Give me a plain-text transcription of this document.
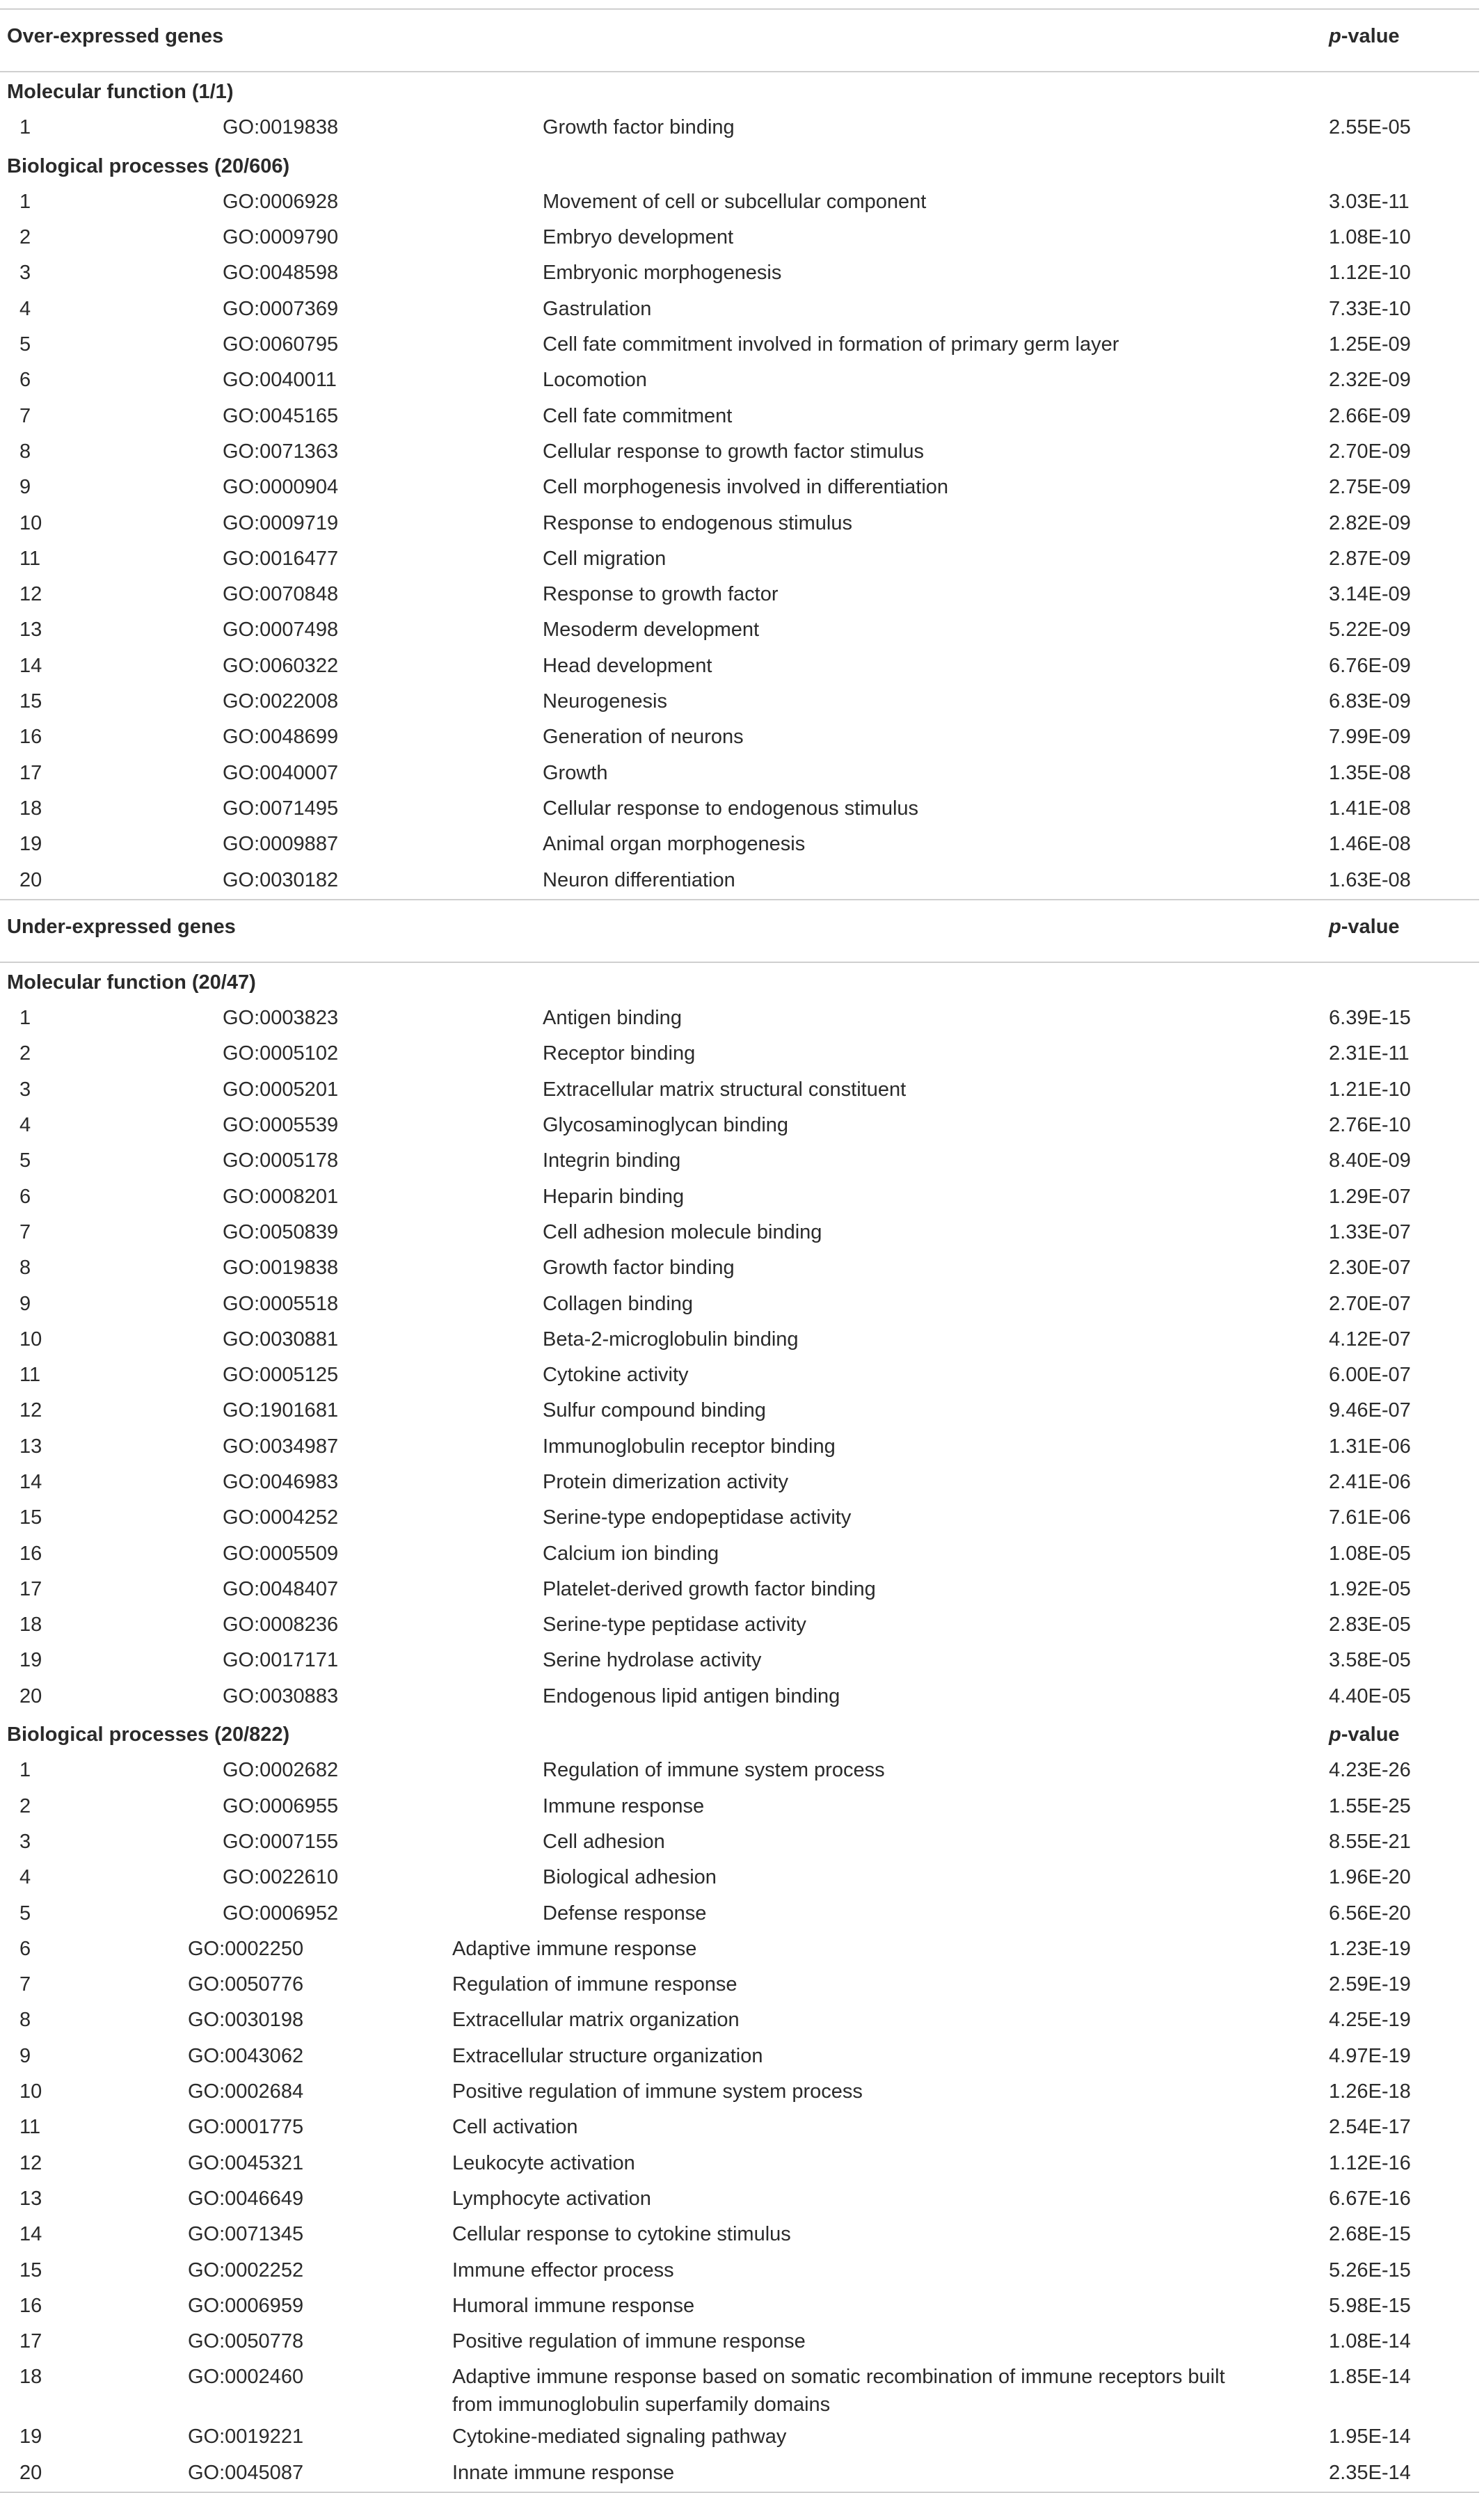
Over-expressed genes	p-value
Molecular function (1/1)	
1	GO:0019838	Growth factor binding	2.55E-05
Biological processes (20/606)	
1	GO:0006928	Movement of cell or subcellular component	3.03E-11
2	GO:0009790	Embryo development	1.08E-10
3	GO:0048598	Embryonic morphogenesis	1.12E-10
4	GO:0007369	Gastrulation	7.33E-10
5	GO:0060795	Cell fate commitment involved in formation of primary germ layer	1.25E-09
6	GO:0040011	Locomotion	2.32E-09
7	GO:0045165	Cell fate commitment	2.66E-09
8	GO:0071363	Cellular response to growth factor stimulus	2.70E-09
9	GO:0000904	Cell morphogenesis involved in differentiation	2.75E-09
10	GO:0009719	Response to endogenous stimulus	2.82E-09
11	GO:0016477	Cell migration	2.87E-09
12	GO:0070848	Response to growth factor	3.14E-09
13	GO:0007498	Mesoderm development	5.22E-09
14	GO:0060322	Head development	6.76E-09
15	GO:0022008	Neurogenesis	6.83E-09
16	GO:0048699	Generation of neurons	7.99E-09
17	GO:0040007	Growth	1.35E-08
18	GO:0071495	Cellular response to endogenous stimulus	1.41E-08
19	GO:0009887	Animal organ morphogenesis	1.46E-08
20	GO:0030182	Neuron differentiation	1.63E-08
Under-expressed genes	p-value
Molecular function (20/47)	
1	GO:0003823	Antigen binding	6.39E-15
2	GO:0005102	Receptor binding	2.31E-11
3	GO:0005201	Extracellular matrix structural constituent	1.21E-10
4	GO:0005539	Glycosaminoglycan binding	2.76E-10
5	GO:0005178	Integrin binding	8.40E-09
6	GO:0008201	Heparin binding	1.29E-07
7	GO:0050839	Cell adhesion molecule binding	1.33E-07
8	GO:0019838	Growth factor binding	2.30E-07
9	GO:0005518	Collagen binding	2.70E-07
10	GO:0030881	Beta-2-microglobulin binding	4.12E-07
11	GO:0005125	Cytokine activity	6.00E-07
12	GO:1901681	Sulfur compound binding	9.46E-07
13	GO:0034987	Immunoglobulin receptor binding	1.31E-06
14	GO:0046983	Protein dimerization activity	2.41E-06
15	GO:0004252	Serine-type endopeptidase activity	7.61E-06
16	GO:0005509	Calcium ion binding	1.08E-05
17	GO:0048407	Platelet-derived growth factor binding	1.92E-05
18	GO:0008236	Serine-type peptidase activity	2.83E-05
19	GO:0017171	Serine hydrolase activity	3.58E-05
20	GO:0030883	Endogenous lipid antigen binding	4.40E-05
Biological processes (20/822)	p-value
1	GO:0002682	Regulation of immune system process	4.23E-26
2	GO:0006955	Immune response	1.55E-25
3	GO:0007155	Cell adhesion	8.55E-21
4	GO:0022610	Biological adhesion	1.96E-20
5	GO:0006952	Defense response	6.56E-20
6	GO:0002250	Adaptive immune response	1.23E-19
7	GO:0050776	Regulation of immune response	2.59E-19
8	GO:0030198	Extracellular matrix organization	4.25E-19
9	GO:0043062	Extracellular structure organization	4.97E-19
10	GO:0002684	Positive regulation of immune system process	1.26E-18
11	GO:0001775	Cell activation	2.54E-17
12	GO:0045321	Leukocyte activation	1.12E-16
13	GO:0046649	Lymphocyte activation	6.67E-16
14	GO:0071345	Cellular response to cytokine stimulus	2.68E-15
15	GO:0002252	Immune effector process	5.26E-15
16	GO:0006959	Humoral immune response	5.98E-15
17	GO:0050778	Positive regulation of immune response	1.08E-14
18	GO:0002460	Adaptive immune response based on somatic recombination of immune receptors built from immunoglobulin superfamily domains	1.85E-14
19	GO:0019221	Cytokine-mediated signaling pathway	1.95E-14
20	GO:0045087	Innate immune response	2.35E-14
